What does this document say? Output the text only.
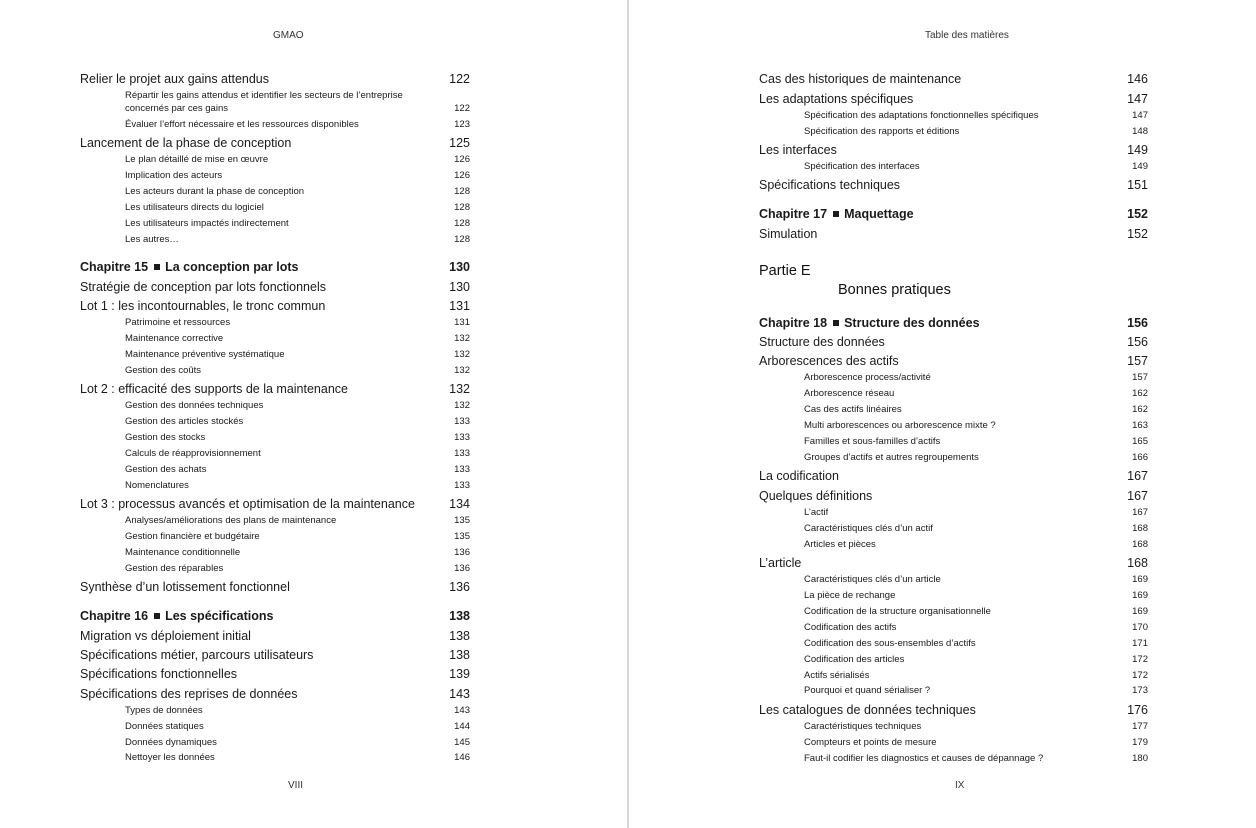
GMAO
Relier le projet aux gains attendus	122
Répartir les gains attendus et identifier les secteurs de l’entreprise
concernés par ces gains	122
Évaluer l’effort nécessaire et les ressources disponibles	123
Lancement de la phase de conception	125
Le plan détaillé de mise en œuvre	126
Implication des acteurs	126
Les acteurs durant la phase de conception	128
Les utilisateurs directs du logiciel	128
Les utilisateurs impactés indirectement	128
Les autres…	128
Chapitre 15 La conception par lots	130
Stratégie de conception par lots fonctionnels	130
Lot 1 : les incontournables, le tronc commun	131
Patrimoine et ressources	131
Maintenance corrective	132
Maintenance préventive systématique	132
Gestion des coûts	132
Lot 2 : efficacité des supports de la maintenance	132
Gestion des données techniques	132
Gestion des articles stockés	133
Gestion des stocks	133
Calculs de réapprovisionnement	133
Gestion des achats	133
Nomenclatures	133
Lot 3 : processus avancés et optimisation de la maintenance	134
Analyses/améliorations des plans de maintenance	135
Gestion financière et budgétaire	135
Maintenance conditionnelle	136
Gestion des réparables	136
Synthèse d’un lotissement fonctionnel	136
Chapitre 16 Les spécifications	138
Migration vs déploiement initial	138
Spécifications métier, parcours utilisateurs	138
Spécifications fonctionnelles	139
Spécifications des reprises de données	143
Types de données	143
Données statiques	144
Données dynamiques	145
Nettoyer les données	146
VIII
Table des matières
Cas des historiques de maintenance	146
Les adaptations spécifiques	147
Spécification des adaptations fonctionnelles spécifiques	147
Spécification des rapports et éditions	148
Les interfaces	149
Spécification des interfaces	149
Spécifications techniques	151
Chapitre 17 Maquettage	152
Simulation	152
Chapitre 18 Structure des données	156
Structure des données	156
Arborescences des actifs	157
Arborescence process/activité	157
Arborescence réseau	162
Cas des actifs linéaires	162
Multi arborescences ou arborescence mixte ?	163
Familles et sous-familles d’actifs	165
Groupes d’actifs et autres regroupements	166
La codification	167
Quelques définitions	167
L’actif	167
Caractéristiques clés d’un actif	168
Articles et pièces	168
L’article	168
Caractéristiques clés d’un article	169
La pièce de rechange	169
Codification de la structure organisationnelle	169
Codification des actifs	170
Codification des sous-ensembles d’actifs	171
Codification des articles	172
Actifs sérialisés	172
Pourquoi et quand sérialiser ?	173
Les catalogues de données techniques	176
Caractéristiques techniques	177
Compteurs et points de mesure	179
Faut-il codifier les diagnostics et causes de dépannage ?	180
Partie E
Bonnes pratiques
IX
